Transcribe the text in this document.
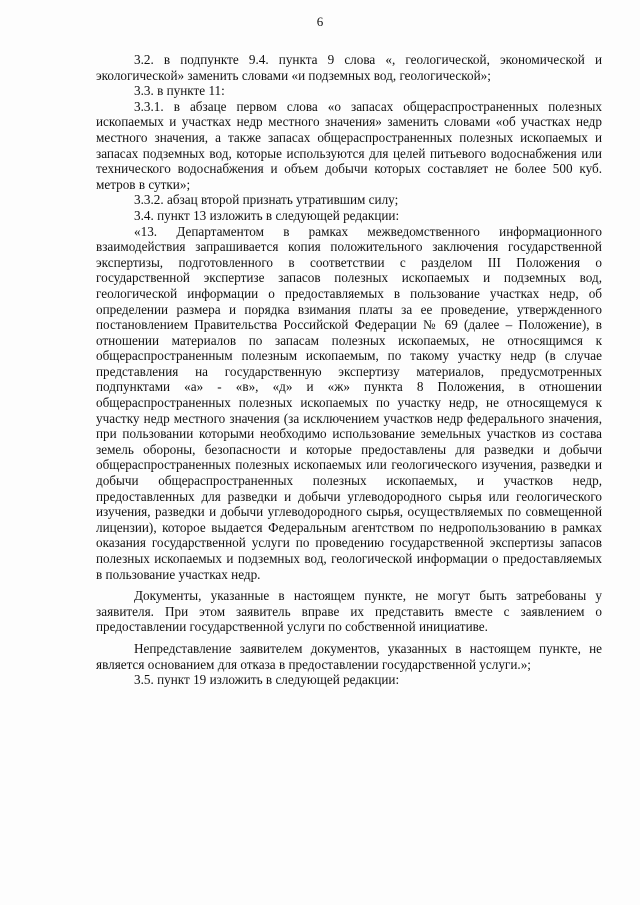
6

3.2. в подпункте 9.4. пункта 9 слова «, геологической, экономической и экологической» заменить словами «и подземных вод, геологической»;

3.3. в пункте 11:

3.3.1. в абзаце первом слова «о запасах общераспространенных полезных ископаемых и участках недр местного значения» заменить словами «об участках недр местного значения, а также запасах общераспространенных полезных ископаемых и запасах подземных вод, которые используются для целей питьевого водоснабжения или технического водоснабжения и объем добычи которых составляет не более 500 куб. метров в сутки»;

3.3.2. абзац второй признать утратившим силу;

3.4. пункт 13 изложить в следующей редакции:

«13. Департаментом в рамках межведомственного информационного взаимодействия запрашивается копия положительного заключения государственной экспертизы, подготовленного в соответствии с разделом III Положения о государственной экспертизе запасов полезных ископаемых и подземных вод, геологической информации о предоставляемых в пользование участках недр, об определении размера и порядка взимания платы за ее проведение, утвержденного постановлением Правительства Российской Федерации № 69 (далее – Положение), в отношении материалов по запасам полезных ископаемых, не относящимся к общераспространенным полезным ископаемым, по такому участку недр (в случае представления на государственную экспертизу материалов, предусмотренных подпунктами «а» - «в», «д» и «ж» пункта 8 Положения, в отношении общераспространенных полезных ископаемых по участку недр, не относящемуся к участку недр местного значения (за исключением участков недр федерального значения, при пользовании которыми необходимо использование земельных участков из состава земель обороны, безопасности и которые предоставлены для разведки и добычи общераспространенных полезных ископаемых или геологического изучения, разведки и добычи общераспространенных полезных ископаемых, и участков недр, предоставленных для разведки и добычи углеводородного сырья или геологического изучения, разведки и добычи углеводородного сырья, осуществляемых по совмещенной лицензии), которое выдается Федеральным агентством по недропользованию в рамках оказания государственной услуги по проведению государственной экспертизы запасов полезных ископаемых и подземных вод, геологической информации о предоставляемых в пользование участках недр.

Документы, указанные в настоящем пункте, не могут быть затребованы у заявителя. При этом заявитель вправе их представить вместе с заявлением о предоставлении государственной услуги по собственной инициативе.

Непредставление заявителем документов, указанных в настоящем пункте, не является основанием для отказа в предоставлении государственной услуги.»;

3.5. пункт 19 изложить в следующей редакции:
